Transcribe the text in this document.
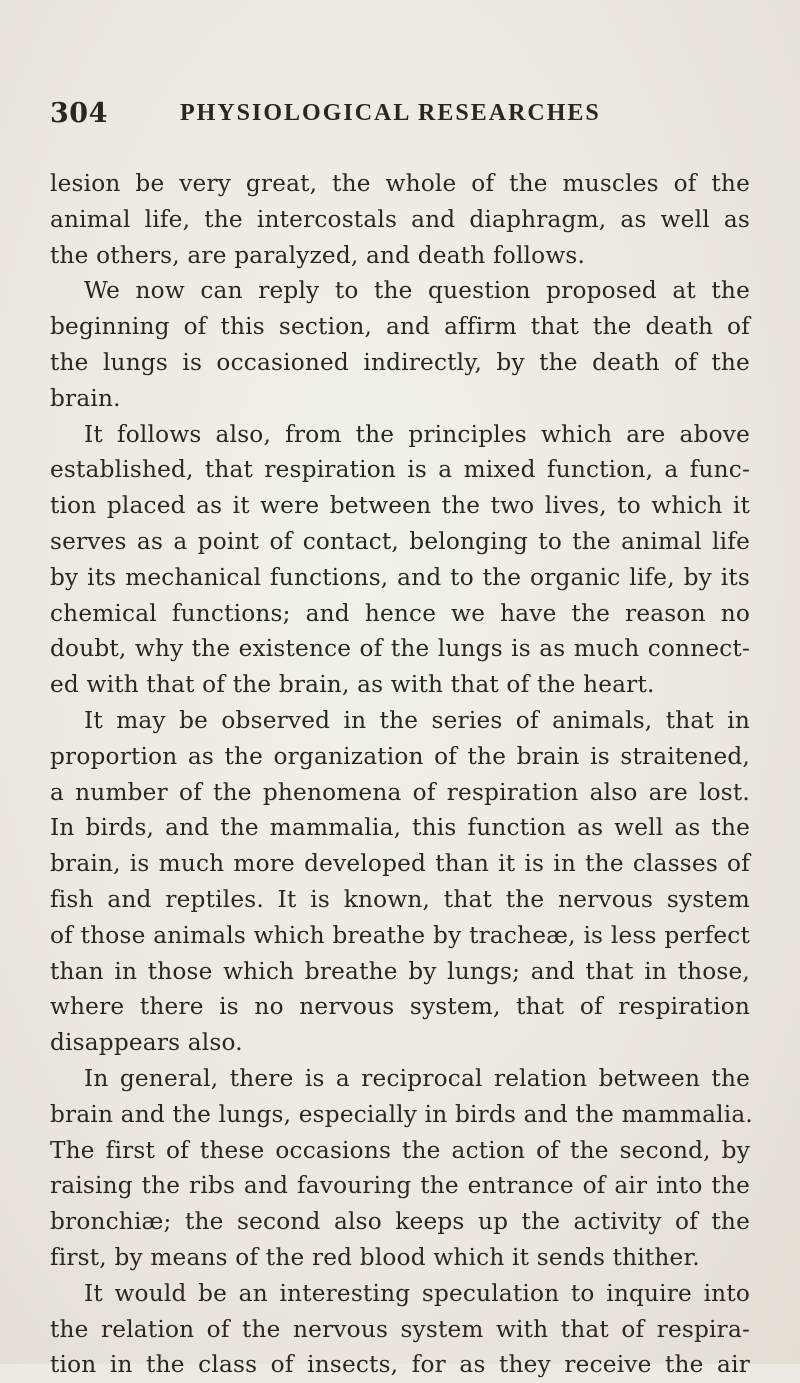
304	PHYSIOLOGICAL RESEARCHES
lesion be very great, the whole of the muscles of the
animal life, the intercostals and diaphragm, as well as
the others, are paralyzed, and death follows.
We now can reply to the question proposed at the
beginning of this section, and affirm that the death of
the lungs is occasioned indirectly, by the death of the
brain.
It follows also, from the principles which are above
established, that respiration is a mixed function, a func-
tion placed as it were between the two lives, to which it
serves as a point of contact, belonging to the animal life
by its mechanical functions, and to the organic life, by its
chemical functions; and hence we have the reason no
doubt, why the existence of the lungs is as much connect-
ed with that of the brain, as with that of the heart.
It may be observed in the series of animals, that in
proportion as the organization of the brain is straitened,
a number of the phenomena of respiration also are lost.
In birds, and the mammalia, this function as well as the
brain, is much more developed than it is in the classes of
fish and reptiles. It is known, that the nervous system
of those animals which breathe by tracheæ, is less perfect
than in those which breathe by lungs; and that in those,
where there is no nervous system, that of respiration
disappears also.
In general, there is a reciprocal relation between the
brain and the lungs, especially in birds and the mammalia.
The first of these occasions the action of the second, by
raising the ribs and favouring the entrance of air into the
bronchiæ; the second also keeps up the activity of the
first, by means of the red blood which it sends thither.
It would be an interesting speculation to inquire into
the relation of the nervous system with that of respira-
tion in the class of insects, for as they receive the air
